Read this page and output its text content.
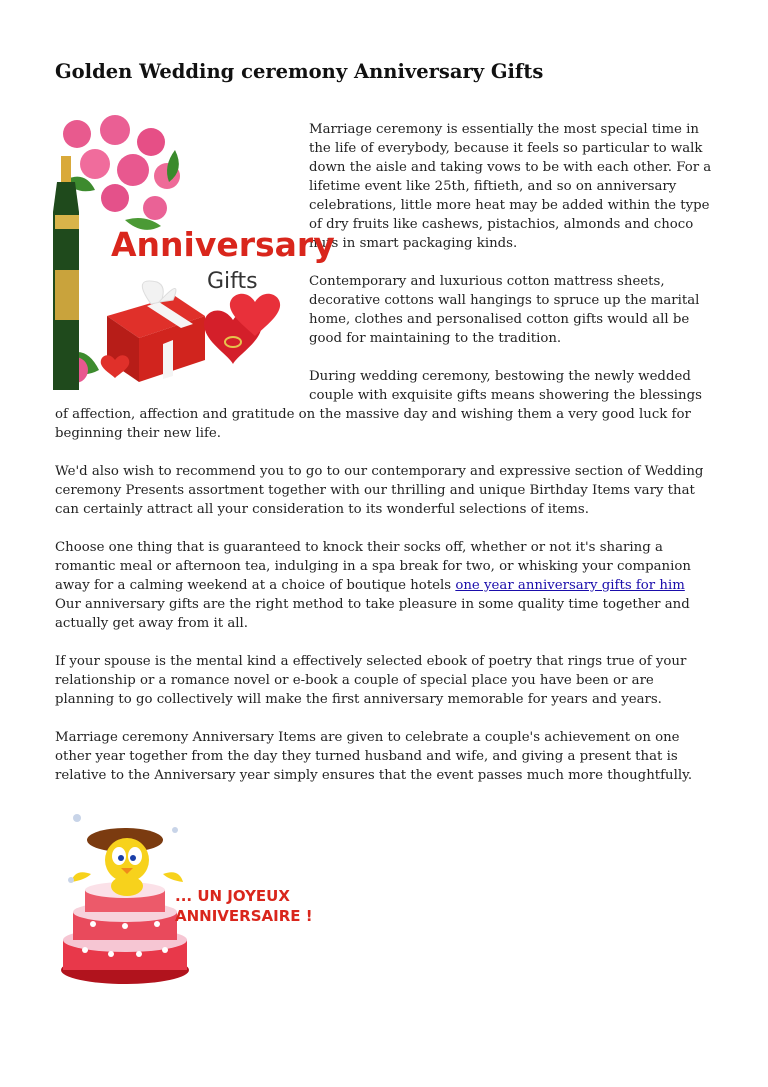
Golden Wedding ceremony Anniversary Gifts
Anniversary
Gifts

Marriage ceremony is essentially the most special time in the life of everybody, because it feels so particular to walk down the aisle and taking vows to be with each other. For a lifetime event like 25th, fiftieth, and so on anniversary celebrations, little more heat may be added within the type of dry fruits like cashews, pistachios, almonds and choco nuts in smart packaging kinds.

Contemporary and luxurious cotton mattress sheets, decorative cottons wall hangings to spruce up the marital home, clothes and personalised cotton gifts would all be good for maintaining to the tradition.

During wedding ceremony, bestowing the newly wedded couple with exquisite gifts means showering the blessings of affection, affection and gratitude on the massive day and wishing them a very good luck for beginning their new life.

We'd also wish to recommend you to go to our contemporary and expressive section of Wedding ceremony Presents assortment together with our thrilling and unique Birthday Items vary that can certainly attract all your consideration to its wonderful selections of items.

Choose one thing that is guaranteed to knock their socks off, whether or not it's sharing a romantic meal or afternoon tea, indulging in a spa break for two, or whisking your companion away for a calming weekend at a choice of boutique hotels one year anniversary gifts for him Our anniversary gifts are the right method to take pleasure in some quality time together and actually get away from it all.

If your spouse is the mental kind a effectively selected ebook of poetry that rings true of your relationship or a romance novel or e-book a couple of special place you have been or are planning to go collectively will make the first anniversary memorable for years and years.

Marriage ceremony Anniversary Items are given to celebrate a couple's achievement on one other year together from the day they turned husband and wife, and giving a present that is relative to the Anniversary year simply ensures that the event passes much more thoughtfully.

... UN JOYEUX
ANNIVERSAIRE !
